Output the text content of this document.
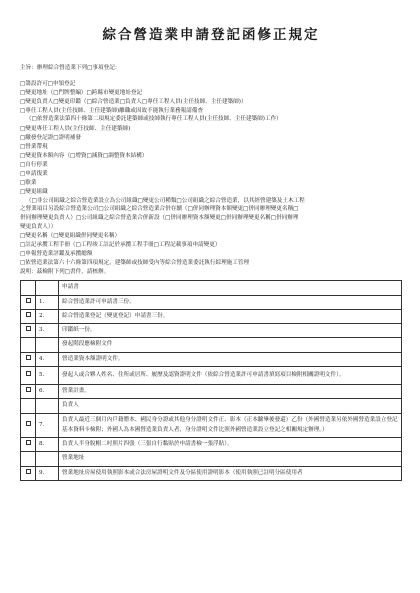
綜合營造業申請登記函修正規定
主旨：辦理綜合營造業下列□事項登記：
□籌設許可□申領登記
□變更地址（□門牌整編）□跨縣市變更地址登記
□變更負責人□變更印鑑（□綜合營造業□負責人□專任工程人員(主任技師、主任建築師)）
□專任工程人員(主任技師、主任建築師)離職或因故不能執行業務報請備查
（□依營造業法第四十條第二項規定委託建築師或技師執行專任工程人員(主任技師、主任建築師)工作）
□變更專任工程人員(主任技師、主任建築師)
□繳發登記證□證明補發
□營業帶現
□變更資本額內容（□增資□減資□調整資本結構）
□自行停業
□申請復業
□歇業
□變更組織
（□非公司組織之綜合營造業設立為公司組織□變更公司種類□公司組織之綜合營造業，以其經營建築及土木工程
之營業項目另設綜合營造業公司□公司組織之綜合營造業合併存續（□併同辦理資本額變更□併同辦理變更名稱□
併同辦理變更負責人）□公司組織之綜合營造業合併新設（□併同辦理資本額變更□併同辦理變更名稱□併同辦理
變更負責人））
□變更名稱（□變更組織併同變更名稱）
□註記承攬工程手冊（□工程竣工註記於承攬工程手冊□工程記載事項申請變更）
□申報營造業評鑑及承攬總額
□依營造業法第六十六條第四項規定，建築師或技師受內等綜合營造業委託執行綜理施工管理
說明：茲檢附下列□書件，請核辦。
		申請書
	1.	綜合營造業許可申請書三份。
	2.	綜合營造業登記（變更登記）申請書三份。
	3.	印鑑紙一份。
		發起階段應檢附文件
	4.	營造業資本額證明文件。
	5.	發起人或合夥人姓名、住所或居所、履歷及認資證明文件（依綜合營造業許可申請書填寫項目檢附相關證明文件）。
	6.	營業計畫。
		負責人
	7.	負責人最近三個月內戶籍謄本、國民身分證或其他身分證明文件正、影本（正本驗畢後發還）乙份（外國營造業另依外國營造業設立登記基本資料卡檢附；外國人為本國營造業負責人者，身分證明文件比照外國營造業設立登記之相關規定辦理。）
	8.	負責人半身脫帽二吋照片四張（三張自行黏貼於申請書檢一張浮貼）。
		營業地址
	9.	營業地址房屋使用執照影本或合法房屋證明文件及分區使用證明影本（使用執照已註明分區使用者
